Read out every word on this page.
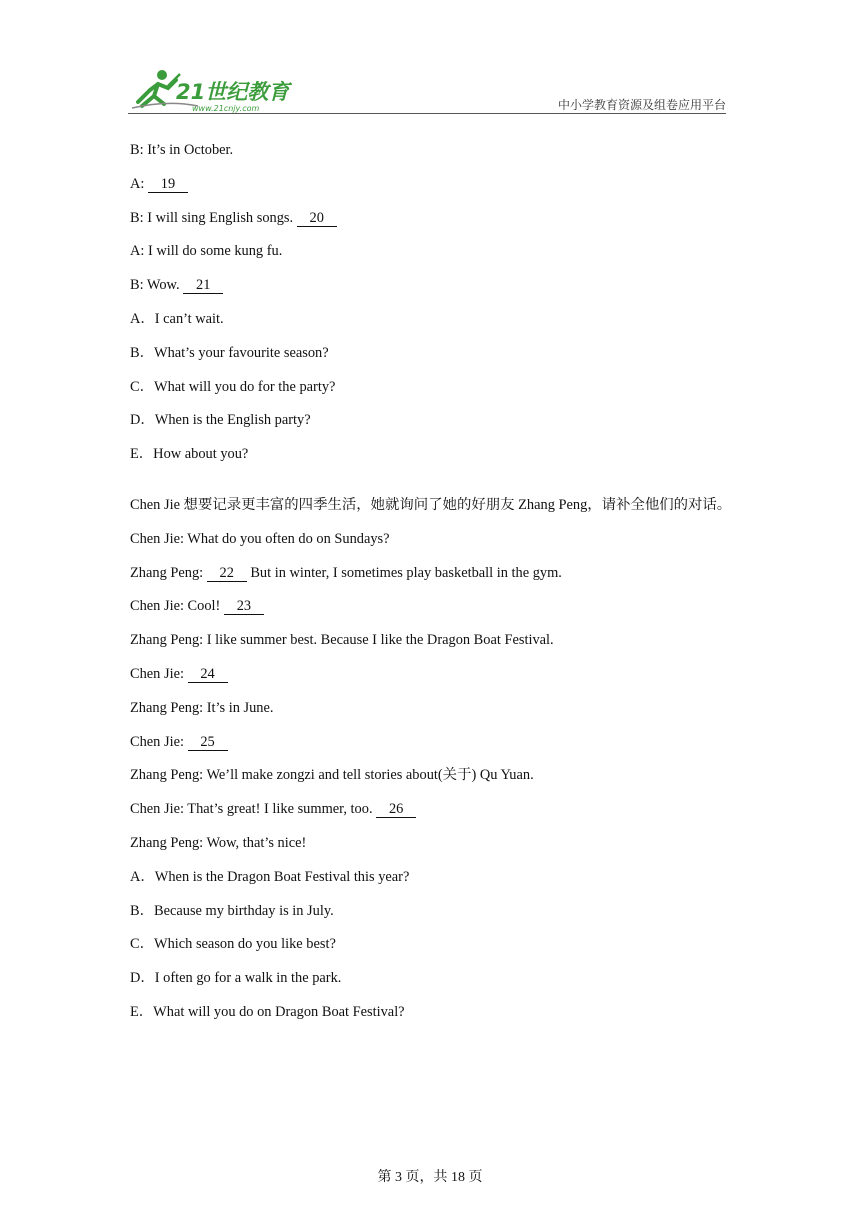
21世纪教育
www.21cnjy.com	中小学教育资源及组卷应用平台
B: It’s in October.
A:    19
B: I will sing English songs.    20
A: I will do some kung fu.
B: Wow.    21
A．I can’t wait.
B．What’s your favourite season?
C．What will you do for the party?
D．When is the English party?
E．How about you?
Chen Jie 想要记录更丰富的四季生活，她就询问了她的好朋友 Zhang Peng，请补全他们的对话。
Chen Jie: What do you often do on Sundays?
Zhang Peng:    22    But in winter, I sometimes play basketball in the gym.
Chen Jie: Cool!    23
Zhang Peng: I like summer best. Because I like the Dragon Boat Festival.
Chen Jie:    24
Zhang Peng: It’s in June.
Chen Jie:    25
Zhang Peng: We’ll make zongzi and tell stories about(关于) Qu Yuan.
Chen Jie: That’s great! I like summer, too.    26
Zhang Peng: Wow, that’s nice!
A．When is the Dragon Boat Festival this year?
B．Because my birthday is in July.
C．Which season do you like best?
D．I often go for a walk in the park.
E．What will you do on Dragon Boat Festival?
第 3 页，共 18 页
